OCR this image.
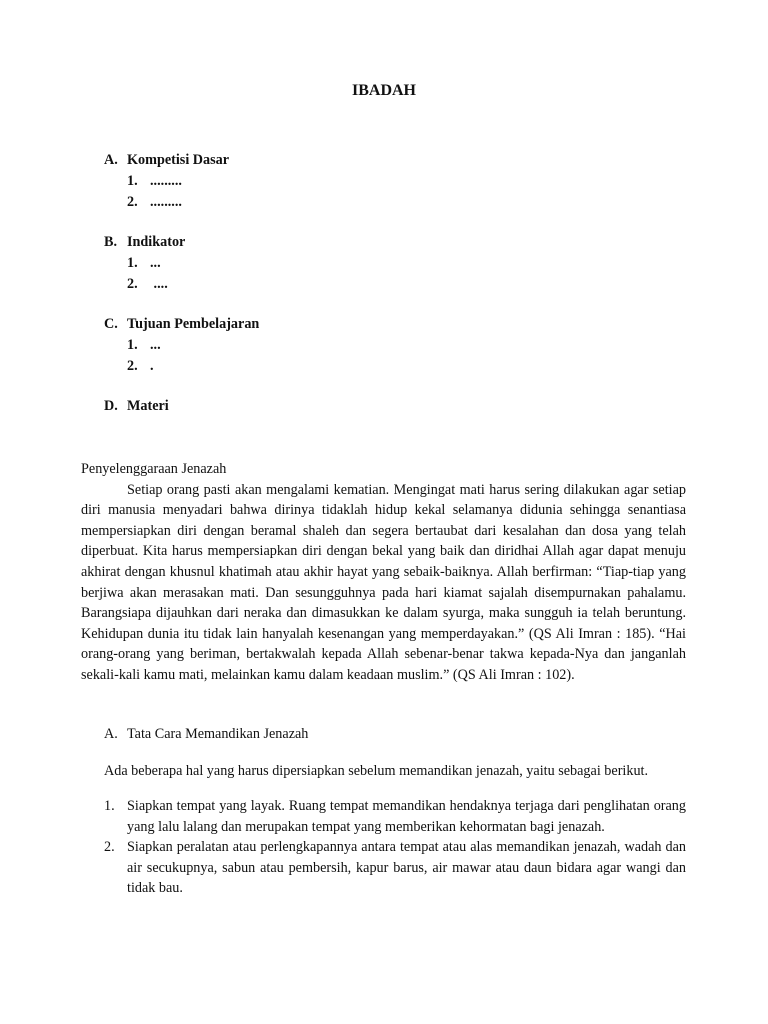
IBADAH
A. Kompetisi Dasar
1. .........
2. .........
B. Indikator
1. ...
2. ....
C. Tujuan Pembelajaran
1. ...
2. .
D. Materi

Penyelenggaraan Jenazah

Setiap orang pasti akan mengalami kematian. Mengingat mati harus sering dilakukan agar setiap diri manusia menyadari bahwa dirinya tidaklah hidup kekal selamanya didunia sehingga senantiasa mempersiapkan diri dengan beramal shaleh dan segera bertaubat dari kesalahan dan dosa yang telah diperbuat. Kita harus mempersiapkan diri dengan bekal yang baik dan diridhai Allah agar dapat menuju akhirat dengan khusnul khatimah atau akhir hayat yang sebaik-baiknya. Allah berfirman: “Tiap-tiap yang berjiwa akan merasakan mati. Dan sesungguhnya pada hari kiamat sajalah disempurnakan pahalamu. Barangsiapa dijauhkan dari neraka dan dimasukkan ke dalam syurga, maka sungguh ia telah beruntung. Kehidupan dunia itu tidak lain hanyalah kesenangan yang memperdayakan.” (QS Ali Imran : 185). “Hai orang-orang yang beriman, bertakwalah kepada Allah sebenar-benar takwa kepada-Nya dan janganlah sekali-kali kamu mati, melainkan kamu dalam keadaan muslim.” (QS Ali Imran : 102).

A. Tata Cara Memandikan Jenazah
Ada beberapa hal yang harus dipersiapkan sebelum memandikan jenazah, yaitu sebagai berikut.
1. Siapkan tempat yang layak. Ruang tempat memandikan hendaknya terjaga dari penglihatan orang yang lalu lalang dan merupakan tempat yang memberikan kehormatan bagi jenazah.
2. Siapkan peralatan atau perlengkapannya antara tempat atau alas memandikan jenazah, wadah dan air secukupnya, sabun atau pembersih, kapur barus, air mawar atau daun bidara agar wangi dan tidak bau.
